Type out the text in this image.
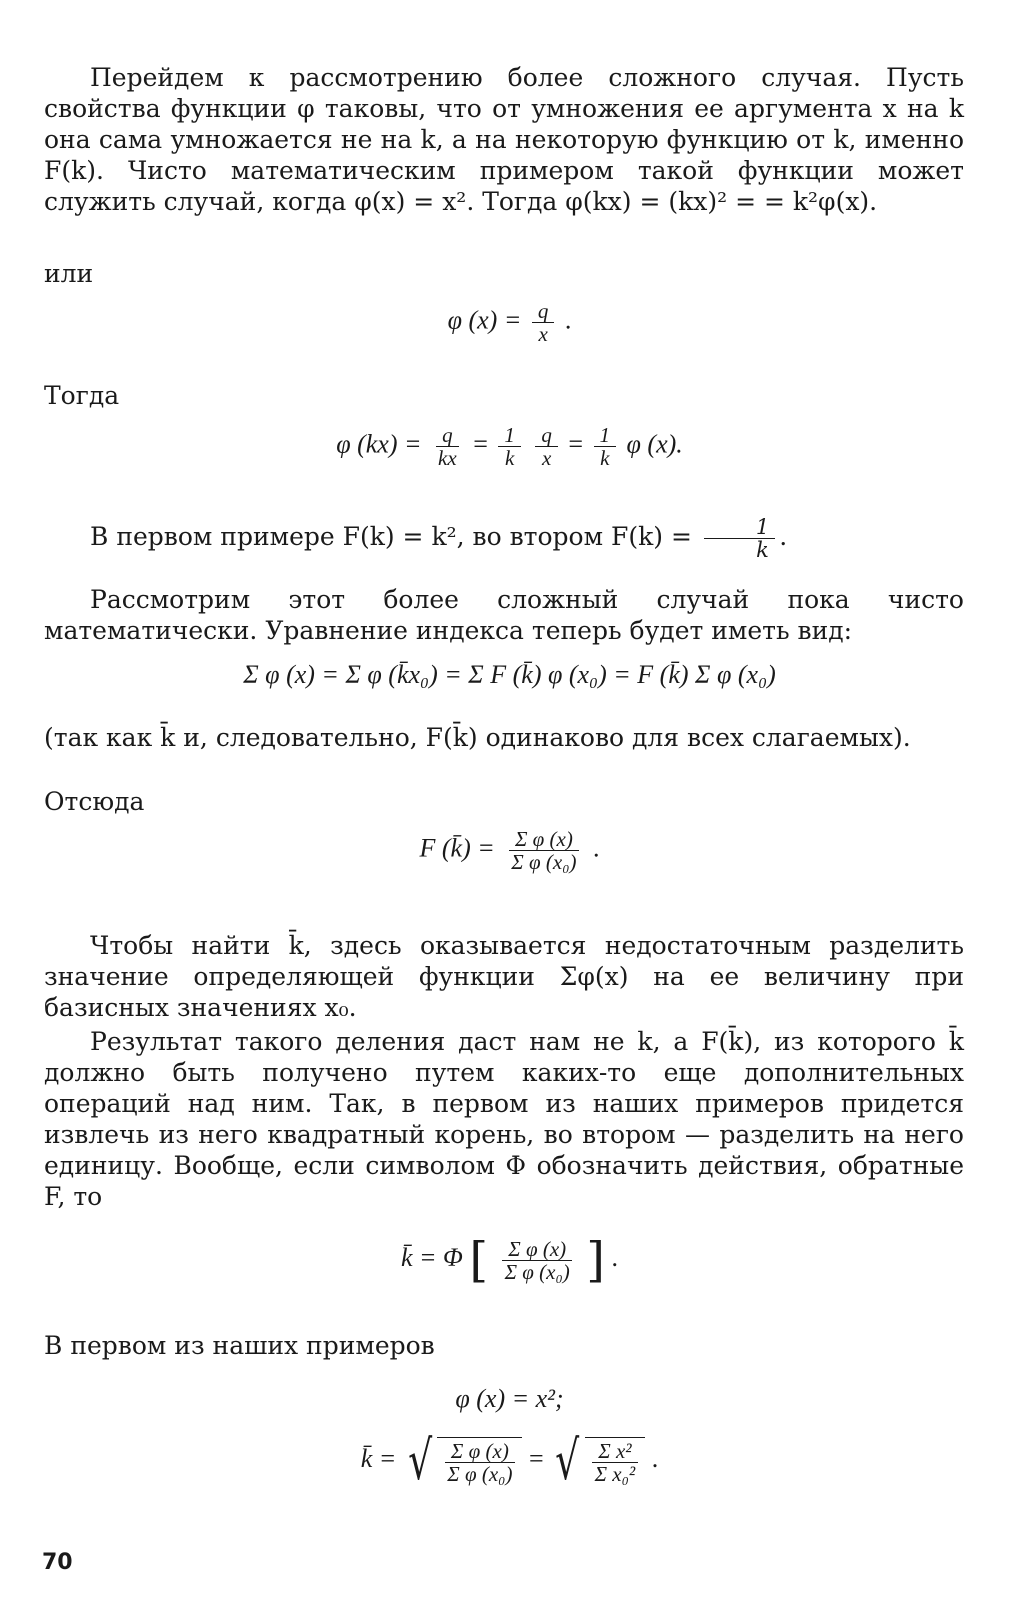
Перейдем к рассмотрению более сложного случая. Пусть свойства функции φ таковы, что от умножения ее аргумента x на k она сама умножается не на k, а на некоторую функцию от k, именно F(k). Чисто математическим примером такой функции может служить случай, когда φ(x) = x². Тогда φ(kx) = (kx)² = = k²φ(x).

или

φ $(x) = \frac{q}{x}$ .

Тогда

φ $(kx) = \frac{q}{kx} = \frac{1}{k}$
$\frac{q}{x} = \frac{1}{k}$ φ (x).
В первом примере F(k) = k², во втором $F(k) = \frac{1}{k}$ .

Рассмотрим этот более сложный случай пока чисто математически. Уравнение индекса теперь будет иметь вид:

Σ φ (x) = Σ φ (k̄x₀) = Σ F (k̄) φ (x₀) = F (k̄) Σ φ (x₀)

(так как k̄ и, следовательно, F(k̄) одинаково для всех слагаемых).

Отсюда

F (k̄) = $\frac{\text{Σ φ (x)}}{\text{Σ φ (x₀)}}$ .

Чтобы найти k̄, здесь оказывается недостаточным разделить значение определяющей функции Σφ(x) на ее величину при базисных значениях x₀.

Результат такого деления даст нам не k, а F(k̄), из которого k̄ должно быть получено путем каких-то еще дополнительных операций над ним. Так, в первом из наших примеров придется извлечь из него квадратный корень, во втором — разделить на него единицу. Вообще, если символом Φ обозначить действия, обратные F, то

k̄ = Φ [ $\frac{\text{Σ φ (x)}}{\text{Σ φ (x₀)}}$ ] .

В первом из наших примеров

φ (x) = x²;
k̄ = √ $\frac{\text{Σ φ (x)}}{\text{Σ φ (x₀)}}$ = √ $\frac{\text{Σ x²}}{\text{Σ x₀²}}$ .
70
